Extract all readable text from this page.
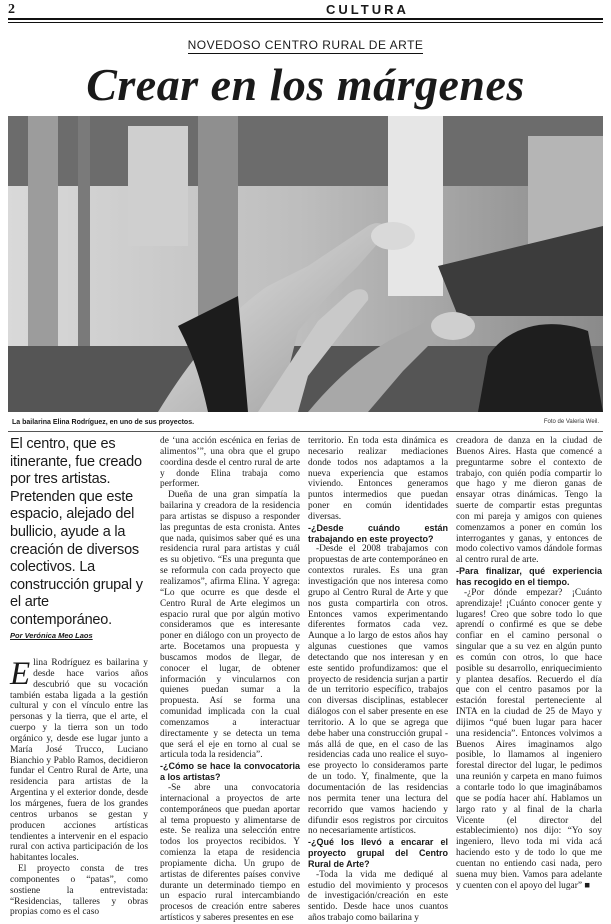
2	CULTURA
NOVEDOSO CENTRO RURAL DE ARTE
Crear en los márgenes
La bailarina Elina Rodríguez, en uno de sus proyectos.	Foto de Valeria Weil.
El centro, que es itinerante, fue creado por tres artistas. Pretenden que este espacio, alejado del bullicio, ayude a la creación de diversos colectivos. La construcción grupal y el arte contemporáneo.
Por Verónica Meo Laos

Elina Rodríguez es bailarina y desde hace varios años descubrió que su vocación también estaba ligada a la gestión cultural y con el vínculo entre las personas y la tierra, que el arte, el cuerpo y la tierra son un todo orgánico y, desde ese lugar junto a María José Trucco, Luciano Bianchio y Pablo Ramos, decidieron fundar el Centro Rural de Arte, una residencia para artistas de la Argentina y el exterior donde, desde los márgenes, fuera de los grandes centros urbanos se gestan y producen acciones artísticas tendientes a intervenir en el espacio rural con activa participación de los habitantes locales.

El proyecto consta de tres componentes o “patas”, como sostiene la entrevistada: “Residencias, talleres y obras propias como es el caso

de ‘una acción escénica en ferias de alimentos’”, una obra que el grupo coordina desde el centro rural de arte y donde Elina trabaja como performer.

Dueña de una gran simpatía la bailarina y creadora de la residencia para artistas se dispuso a responder las preguntas de esta cronista. Antes que nada, quisimos saber qué es una residencia rural para artistas y cuál es su objetivo. “Es una pregunta que se reformula con cada proyecto que realizamos”, afirma Elina. Y agrega: “Lo que ocurre es que desde el Centro Rural de Arte elegimos un espacio rural que por algún motivo consideramos que es interesante poner en diálogo con un proyecto de arte. Bocetamos una propuesta y buscamos modos de llegar, de conocer el lugar, de obtener información y vincularnos con quienes puedan sumar a la propuesta. Así se forma una comunidad implicada con la cual comenzamos a interactuar directamente y se detecta un tema que será el eje en torno al cual se articula toda la residencia”.

-¿Cómo se hace la convocatoria a los artistas?

-Se abre una convocatoria internacional a proyectos de arte contemporáneos que puedan aportar al tema propuesto y alimentarse de este. Se realiza una selección entre todos los proyectos recibidos. Y comienza la etapa de residencia propiamente dicha. Un grupo de artistas de diferentes países convive durante un determinado tiempo en un espacio rural intercambiando procesos de creación entre saberes artísticos y saberes presentes en ese

territorio. En toda esta dinámica es necesario realizar mediaciones donde todos nos adaptamos a la nueva experiencia que estamos viviendo. Entonces generamos puntos intermedios que puedan poner en común identidades diversas.

-¿Desde cuándo están trabajando en este proyecto?

-Desde el 2008 trabajamos con propuestas de arte contemporáneo en contextos rurales. Es una gran investigación que nos interesa como grupo al Centro Rural de Arte y que nos gusta compartirla con otros. Entonces vamos experimentando diferentes formatos cada vez. Aunque a lo largo de estos años hay algunas cuestiones que vamos detectando que nos interesan y en este sentido profundizamos: que el proyecto de residencia surjan a partir de un territorio específico, trabajos con diversas disciplinas, establecer diálogos con el saber presente en ese territorio. A lo que se agrega que debe haber una construcción grupal -más allá de que, en el caso de las residencias cada uno realice el suyo- ese proyecto lo consideramos parte de un todo. Y, finalmente, que la documentación de las residencias nos permita tener una lectura del recorrido que vamos haciendo y difundir esos registros por circuitos no necesariamente artísticos.

-¿Qué los llevó a encarar el proyecto grupal del Centro Rural de Arte?

-Toda la vida me dediqué al estudio del movimiento y procesos de investigación/creación en este sentido. Desde hace unos cuantos años trabajo como bailarina y

creadora de danza en la ciudad de Buenos Aires. Hasta que comencé a preguntarme sobre el contexto de trabajo, con quién podía compartir lo que hago y me dieron ganas de ensayar otras dinámicas. Tengo la suerte de compartir estas preguntas con mi pareja y amigos con quienes comenzamos a poner en común los interrogantes y ganas, y entonces de modo colectivo vamos dándole formas al centro rural de arte.

-Para finalizar, qué experiencia has recogido en el tiempo.

-¿Por dónde empezar? ¡Cuánto aprendizaje! ¡Cuánto conocer gente y lugares! Creo que sobre todo lo que aprendí o confirmé es que se debe confiar en el camino personal o singular que a su vez en algún punto es común con otros, lo que hace posible su desarrollo, enriquecimiento y plantea desafíos. Recuerdo el día que con el centro pasamos por la estación forestal perteneciente al INTA en la ciudad de 25 de Mayo y dijimos “qué buen lugar para hacer una residencia”. Entonces volvimos a Buenos Aires imaginamos algo posible, lo llamamos al ingeniero forestal director del lugar, le pedimos una reunión y carpeta en mano fuimos a contarle todo lo que imaginábamos que se podía hacer ahí. Hablamos un largo rato y al final de la charla Vicente (el director del establecimiento) nos dijo: “Yo soy ingeniero, llevo toda mi vida acá haciendo esto y de todo lo que me cuentan no entiendo casi nada, pero suena muy bien. Vamos para adelante y cuenten con el apoyo del lugar” ■
